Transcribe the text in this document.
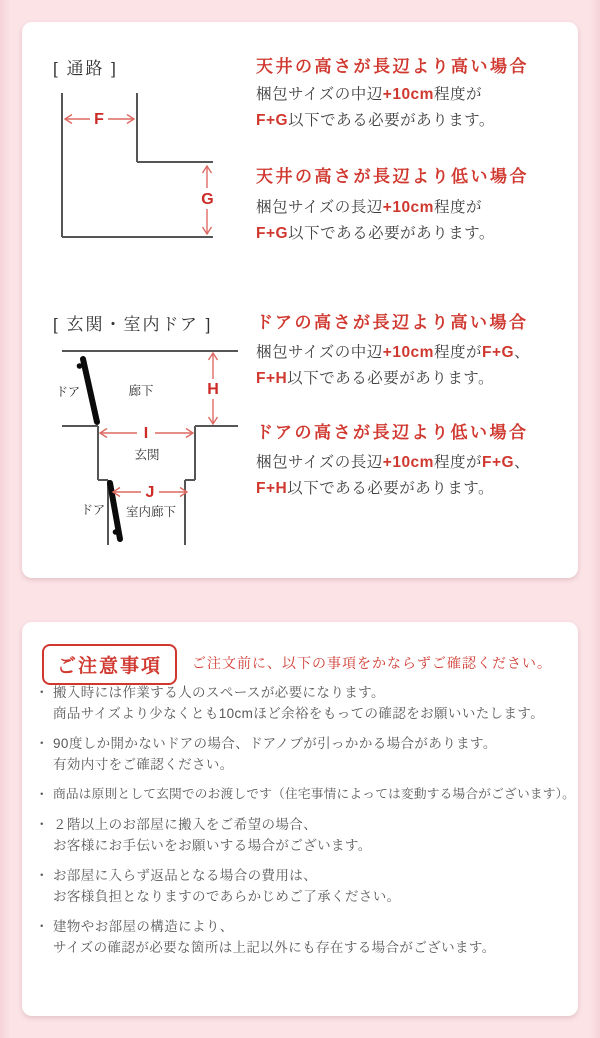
[ 通路 ]
F
G
天井の高さが長辺より高い場合
梱包サイズの中辺+10cm程度が
F+G以下である必要があります。
天井の高さが長辺より低い場合
梱包サイズの長辺+10cm程度が
F+G以下である必要があります。
[ 玄関・室内ドア ]
H
I
J
ドア	廊下
玄関
ドア 室内廊下
ドアの高さが長辺より高い場合
梱包サイズの中辺+10cm程度がF+G、
F+H以下である必要があります。
ドアの高さが長辺より低い場合
梱包サイズの長辺+10cm程度がF+G、
F+H以下である必要があります。
ご注意事項	ご注文前に、以下の事項をかならずご確認ください。
・ 搬入時には作業する人のスペースが必要になります。
商品サイズより少なくとも10cmほど余裕をもっての確認をお願いいたします。
・ 90度しか開かないドアの場合、ドアノブが引っかかる場合があります。
有効内寸をご確認ください。
・ 商品は原則として玄関でのお渡しです（住宅事情によっては変動する場合がございます）。
・ ２階以上のお部屋に搬入をご希望の場合、
お客様にお手伝いをお願いする場合がございます。
・ お部屋に入らず返品となる場合の費用は、
お客様負担となりますのであらかじめご了承ください。
・ 建物やお部屋の構造により、
サイズの確認が必要な箇所は上記以外にも存在する場合がございます。
